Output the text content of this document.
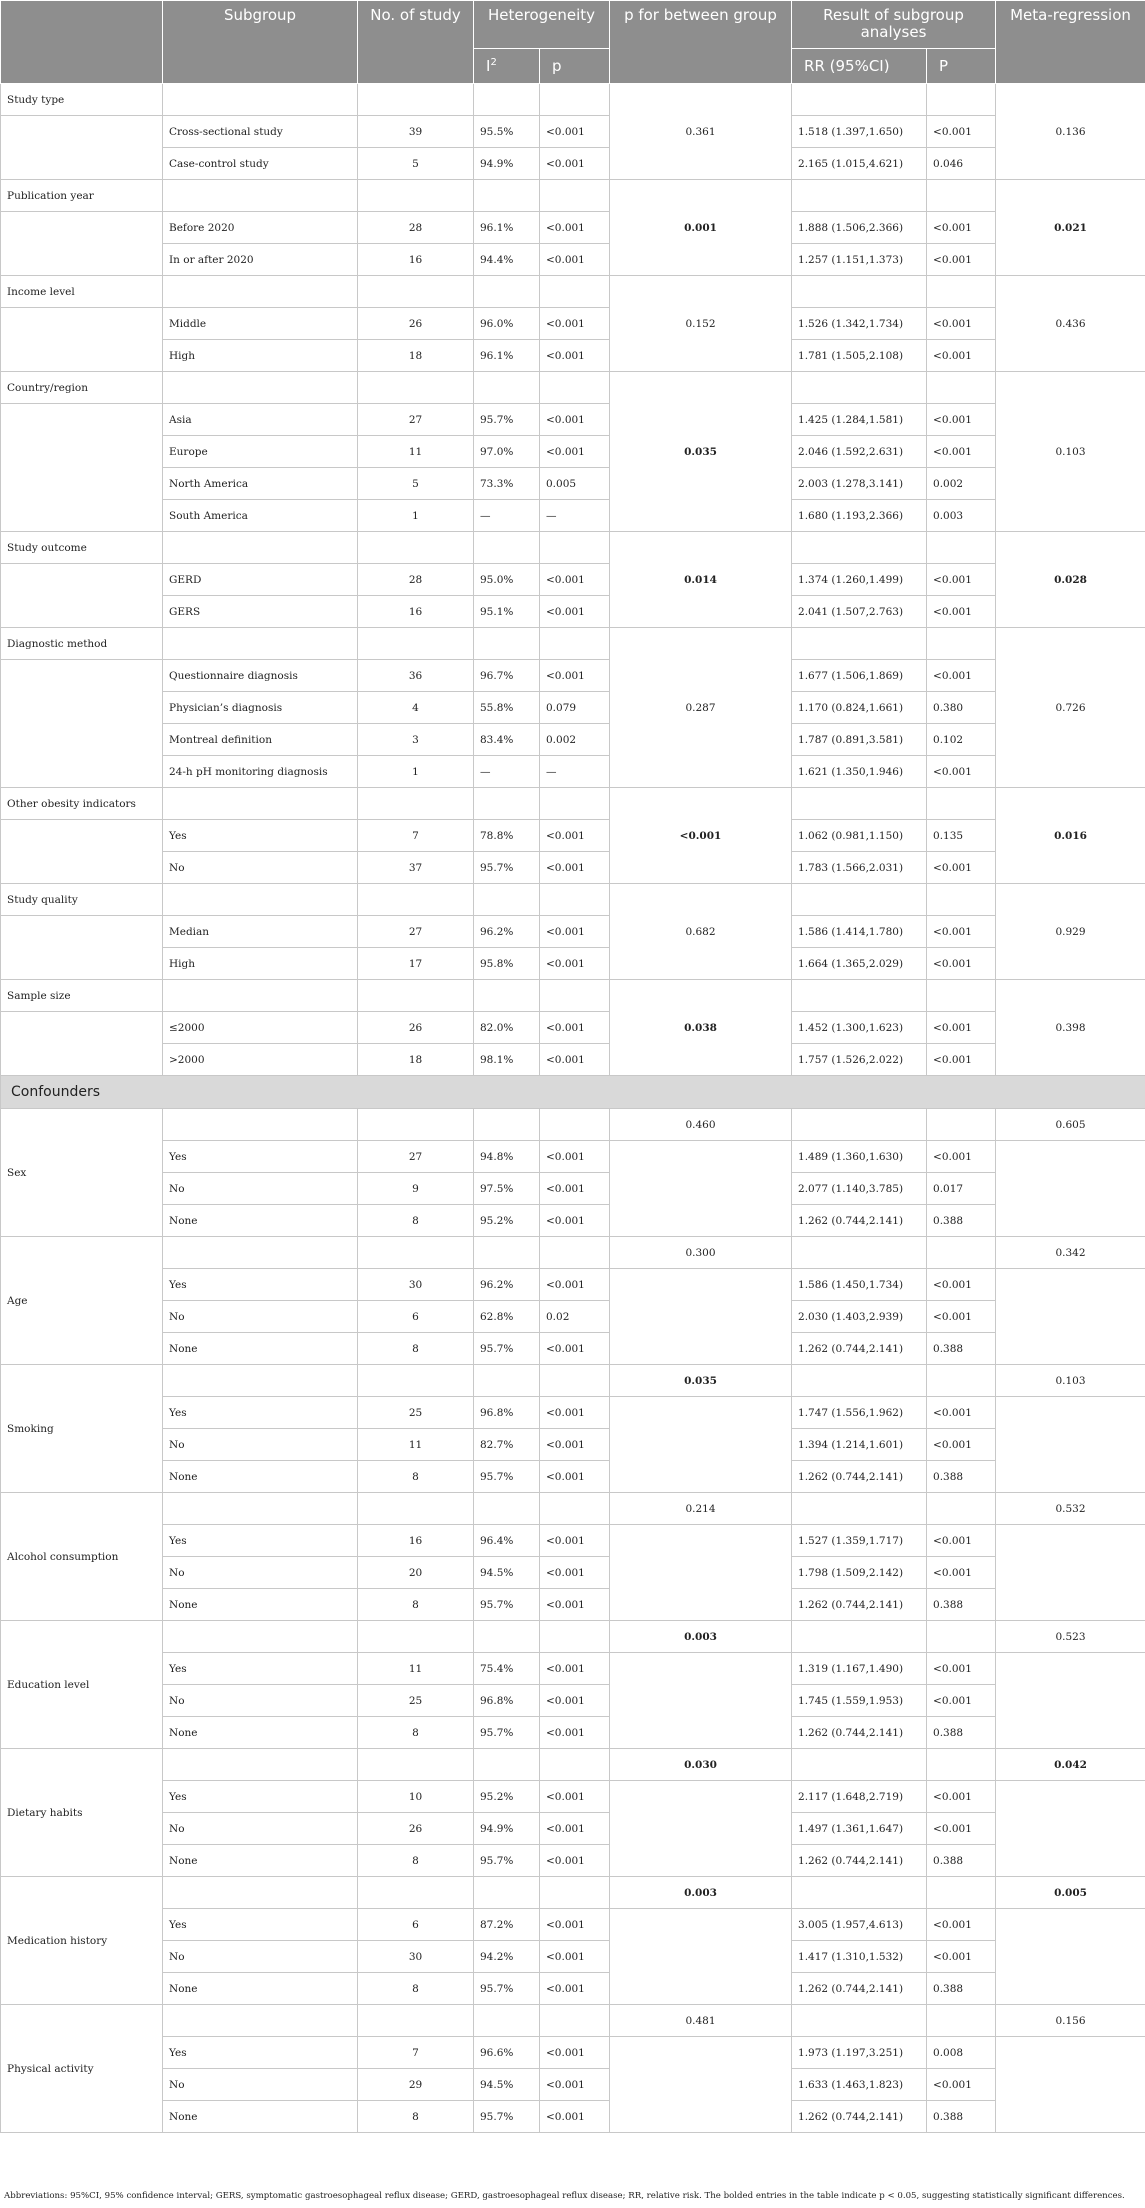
	Subgroup	No. of study	Heterogeneity		p for between group	Result of subgroup analyses		Meta-regression
			$I^2$	p		RR (95%CI)	P	
Study type					0.361			0.136
	Cross-sectional study	39	95.5%	<0.001		1.518 (1.397,1.650)	<0.001	
	Case-control study	5	94.9%	<0.001		2.165 (1.015,4.621)	0.046	
Publication year					0.001			0.021
	Before 2020	28	96.1%	<0.001		1.888 (1.506,2.366)	<0.001	
	In or after 2020	16	94.4%	<0.001		1.257 (1.151,1.373)	<0.001	
Income level					0.152			0.436
	Middle	26	96.0%	<0.001		1.526 (1.342,1.734)	<0.001	
	High	18	96.1%	<0.001		1.781 (1.505,2.108)	<0.001	
Country/region					0.035			0.103
	Asia	27	95.7%	<0.001		1.425 (1.284,1.581)	<0.001	
	Europe	11	97.0%	<0.001		2.046 (1.592,2.631)	<0.001	
	North America	5	73.3%	0.005		2.003 (1.278,3.141)	0.002	
	South America	1	—	—		1.680 (1.193,2.366)	0.003	
Study outcome					0.014			0.028
	GERD	28	95.0%	<0.001		1.374 (1.260,1.499)	<0.001	
	GERS	16	95.1%	<0.001		2.041 (1.507,2.763)	<0.001	
Diagnostic method					0.287			0.726
	Questionnaire diagnosis	36	96.7%	<0.001		1.677 (1.506,1.869)	<0.001	
	Physician’s diagnosis	4	55.8%	0.079		1.170 (0.824,1.661)	0.380	
	Montreal definition	3	83.4%	0.002		1.787 (0.891,3.581)	0.102	
	24-h pH monitoring diagnosis	1	—	—		1.621 (1.350,1.946)	<0.001	
Other obesity indicators					<0.001			0.016
	Yes	7	78.8%	<0.001		1.062 (0.981,1.150)	0.135	
	No	37	95.7%	<0.001		1.783 (1.566,2.031)	<0.001	
Study quality					0.682			0.929
	Median	27	96.2%	<0.001		1.586 (1.414,1.780)	<0.001	
	High	17	95.8%	<0.001		1.664 (1.365,2.029)	<0.001	
Sample size					0.038			0.398
	≤2000	26	82.0%	<0.001		1.452 (1.300,1.623)	<0.001	
	>2000	18	98.1%	<0.001		1.757 (1.526,2.022)	<0.001	
Confounders								
Sex					0.460			0.605
	Yes	27	94.8%	<0.001		1.489 (1.360,1.630)	<0.001	
	No	9	97.5%	<0.001		2.077 (1.140,3.785)	0.017	
	None	8	95.2%	<0.001		1.262 (0.744,2.141)	0.388	
Age					0.300			0.342
	Yes	30	96.2%	<0.001		1.586 (1.450,1.734)	<0.001	
	No	6	62.8%	0.02		2.030 (1.403,2.939)	<0.001	
	None	8	95.7%	<0.001		1.262 (0.744,2.141)	0.388	
Smoking					0.035			0.103
	Yes	25	96.8%	<0.001		1.747 (1.556,1.962)	<0.001	
	No	11	82.7%	<0.001		1.394 (1.214,1.601)	<0.001	
	None	8	95.7%	<0.001		1.262 (0.744,2.141)	0.388	
Alcohol consumption					0.214			0.532
	Yes	16	96.4%	<0.001		1.527 (1.359,1.717)	<0.001	
	No	20	94.5%	<0.001		1.798 (1.509,2.142)	<0.001	
	None	8	95.7%	<0.001		1.262 (0.744,2.141)	0.388	
Education level					0.003			0.523
	Yes	11	75.4%	<0.001		1.319 (1.167,1.490)	<0.001	
	No	25	96.8%	<0.001		1.745 (1.559,1.953)	<0.001	
	None	8	95.7%	<0.001		1.262 (0.744,2.141)	0.388	
Dietary habits					0.030			0.042
	Yes	10	95.2%	<0.001		2.117 (1.648,2.719)	<0.001	
	No	26	94.9%	<0.001		1.497 (1.361,1.647)	<0.001	
	None	8	95.7%	<0.001		1.262 (0.744,2.141)	0.388	
Medication history					0.003			0.005
	Yes	6	87.2%	<0.001		3.005 (1.957,4.613)	<0.001	
	No	30	94.2%	<0.001		1.417 (1.310,1.532)	<0.001	
	None	8	95.7%	<0.001		1.262 (0.744,2.141)	0.388	
Physical activity					0.481			0.156
	Yes	7	96.6%	<0.001		1.973 (1.197,3.251)	0.008	
	No	29	94.5%	<0.001		1.633 (1.463,1.823)	<0.001	
	None	8	95.7%	<0.001		1.262 (0.744,2.141)	0.388	
Abbreviations: 95%CI, 95% confidence interval; GERS, symptomatic gastroesophageal reflux disease; GERD, gastroesophageal reflux disease; RR, relative risk. The bolded entries in the table indicate p < 0.05, suggesting statistically significant differences.
